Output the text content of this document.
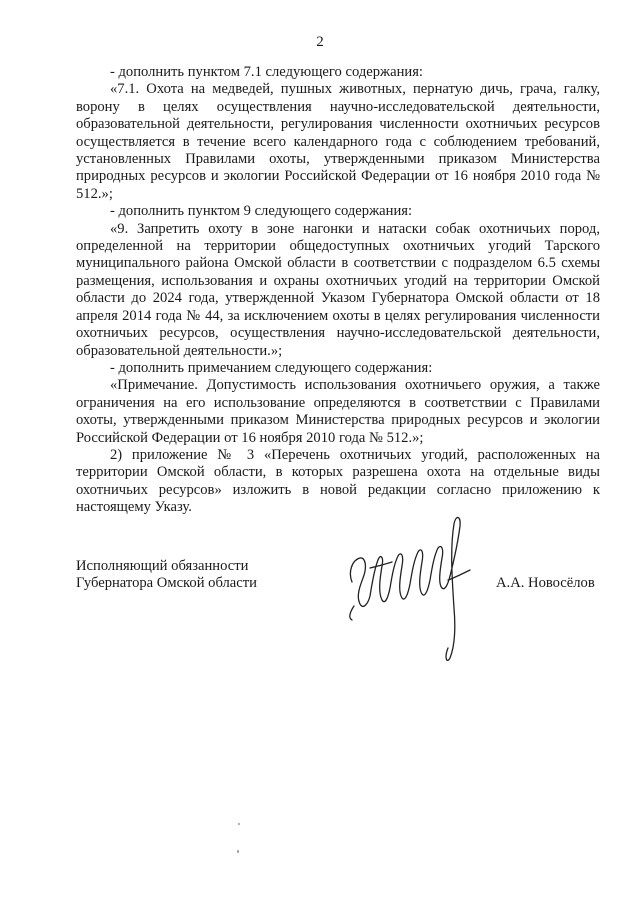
2

- дополнить пунктом 7.1 следующего содержания:

«7.1. Охота на медведей, пушных животных, пернатую дичь, грача, галку, ворону в целях осуществления научно-исследовательской деятельности, образовательной деятельности, регулирования численности охотничьих ресурсов осуществляется в течение всего календарного года с соблюдением требований, установленных Правилами охоты, утвержденными приказом Министерства природных ресурсов и экологии Российской Федерации от 16 ноября 2010 года № 512.»;

- дополнить пунктом 9 следующего содержания:

«9. Запретить охоту в зоне нагонки и натаски собак охотничьих пород, определенной на территории общедоступных охотничьих угодий Тарского муниципального района Омской области в соответствии с подразделом 6.5 схемы размещения, использования и охраны охотничьих угодий на территории Омской области до 2024 года, утвержденной Указом Губернатора Омской области от 18 апреля 2014 года № 44, за исключением охоты в целях регулирования численности охотничьих ресурсов, осуществления научно-исследовательской деятельности, образовательной деятельности.»;

- дополнить примечанием следующего содержания:

«Примечание. Допустимость использования охотничьего оружия, а также ограничения на его использование определяются в соответствии с Правилами охоты, утвержденными приказом Министерства природных ресурсов и экологии Российской Федерации от 16 ноября 2010 года № 512.»;

2) приложение № 3 «Перечень охотничьих угодий, расположенных на территории Омской области, в которых разрешена охота на отдельные виды охотничьих ресурсов» изложить в новой редакции согласно приложению к настоящему Указу.

Исполняющий обязанности
Губернатора Омской области	А.А. Новосёлов
